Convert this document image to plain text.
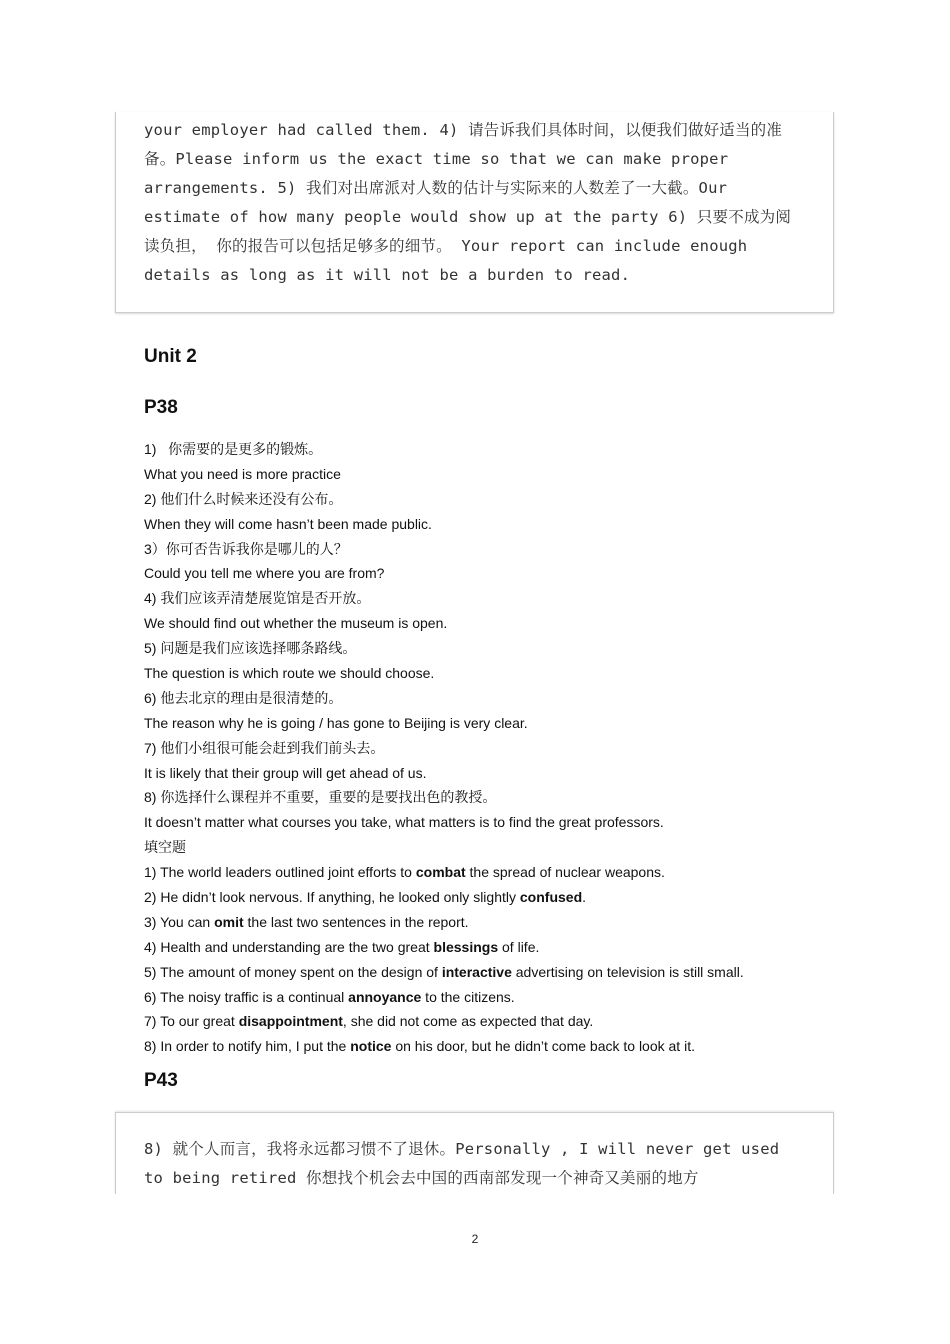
your employer had called them. 4) 请告诉我们具体时间，以便我们做好适当的准备。Please inform us the exact time so that we can make proper arrangements. 5) 我们对出席派对人数的估计与实际来的人数差了一大截。Our estimate of how many people would show up at the party 6) 只要不成为阅读负担， 你的报告可以包括足够多的细节。 Your report can include enough details as long as it will not be a burden to read.
Unit 2
P38
1)   你需要的是更多的锻炼。
What you need is more practice
2) 他们什么时候来还没有公布。
When they will come hasn’t been made public.
3）你可否告诉我你是哪儿的人？
Could you tell me where you are from?
4) 我们应该弄清楚展览馆是否开放。
We should find out whether the museum is open.
5) 问题是我们应该选择哪条路线。
The question is which route we should choose.
6) 他去北京的理由是很清楚的。
The reason why he is going / has gone to Beijing is very clear.
7) 他们小组很可能会赶到我们前头去。
It is likely that their group will get ahead of us.
8) 你选择什么课程并不重要，重要的是要找出色的教授。
It doesn’t matter what courses you take, what matters is to find the great professors.
填空题
1) The world leaders outlined joint efforts to combat the spread of nuclear weapons.
2) He didn’t look nervous. If anything, he looked only slightly confused.
3) You can omit the last two sentences in the report.
4) Health and understanding are the two great blessings of life.
5) The amount of money spent on the design of interactive advertising on television is still small.
6) The noisy traffic is a continual annoyance to the citizens.
7) To our great disappointment, she did not come as expected that day.
8) In order to notify him, I put the notice on his door, but he didn’t come back to look at it.
P43
8) 就个人而言，我将永远都习惯不了退休。Personally , I will never get used to being retired 你想找个机会去中国的西南部发现一个神奇又美丽的地方
2
